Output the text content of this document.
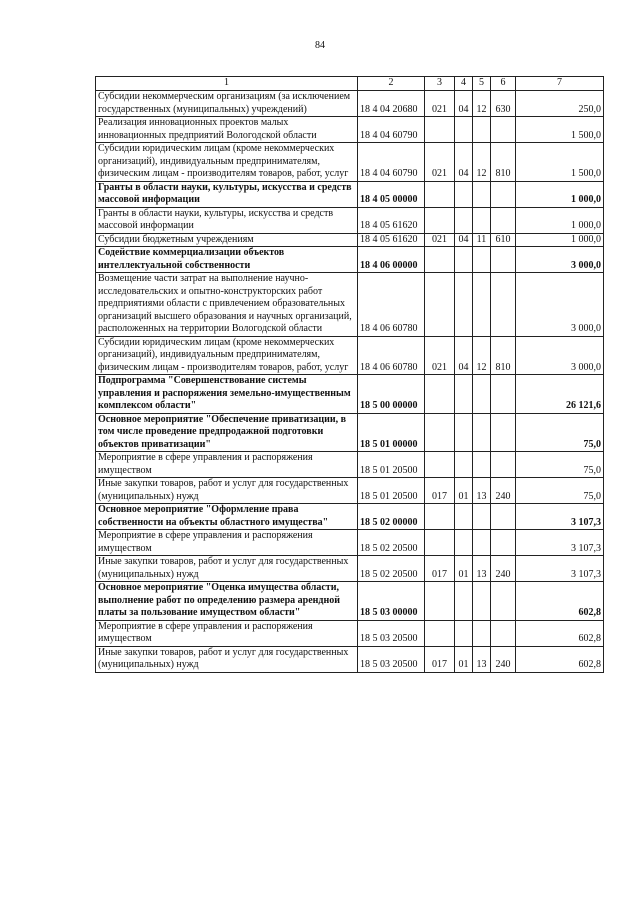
84
1	2	3	4	5	6	7
Субсидии некоммерческим организациям (за исключением государственных (муниципальных) учреждений)	18 4 04 20680	021	04	12	630	250,0
Реализация инновационных проектов малых инновационных предприятий Вологодской области	18 4 04 60790					1 500,0
Субсидии юридическим лицам (кроме некоммерческих организаций), индивидуальным предпринимателям, физическим лицам - производителям товаров, работ, услуг	18 4 04 60790	021	04	12	810	1 500,0
Гранты в области науки, культуры, искусства и средств массовой информации	18 4 05 00000					1 000,0
Гранты в области науки, культуры, искусства и средств массовой информации	18 4 05 61620					1 000,0
Субсидии бюджетным учреждениям	18 4 05 61620	021	04	11	610	1 000,0
Содействие коммерциализации объектов интеллектуальной собственности	18 4 06 00000					3 000,0
Возмещение части затрат на выполнение научно-исследовательских и опытно-конструкторских работ предприятиями области с привлечением образовательных организаций высшего образования и научных организаций, расположенных на территории Вологодской области	18 4 06 60780					3 000,0
Субсидии юридическим лицам (кроме некоммерческих организаций), индивидуальным предпринимателям, физическим лицам - производителям товаров, работ, услуг	18 4 06 60780	021	04	12	810	3 000,0
Подпрограмма "Совершенствование системы управления и распоряжения земельно-имущественным комплексом области"	18 5 00 00000					26 121,6
Основное мероприятие "Обеспечение приватизации, в том числе проведение предпродажной подготовки объектов приватизации"	18 5 01 00000					75,0
Мероприятие в сфере управления и распоряжения имуществом	18 5 01 20500					75,0
Иные закупки товаров, работ и услуг для государственных (муниципальных) нужд	18 5 01 20500	017	01	13	240	75,0
Основное мероприятие "Оформление права собственности на объекты областного имущества"	18 5 02 00000					3 107,3
Мероприятие в сфере управления и распоряжения имуществом	18 5 02 20500					3 107,3
Иные закупки товаров, работ и услуг для государственных (муниципальных) нужд	18 5 02 20500	017	01	13	240	3 107,3
Основное мероприятие "Оценка имущества области, выполнение работ по определению размера арендной платы за пользование имуществом области"	18 5 03 00000					602,8
Мероприятие в сфере управления и распоряжения имуществом	18 5 03 20500					602,8
Иные закупки товаров, работ и услуг для государственных (муниципальных) нужд	18 5 03 20500	017	01	13	240	602,8
